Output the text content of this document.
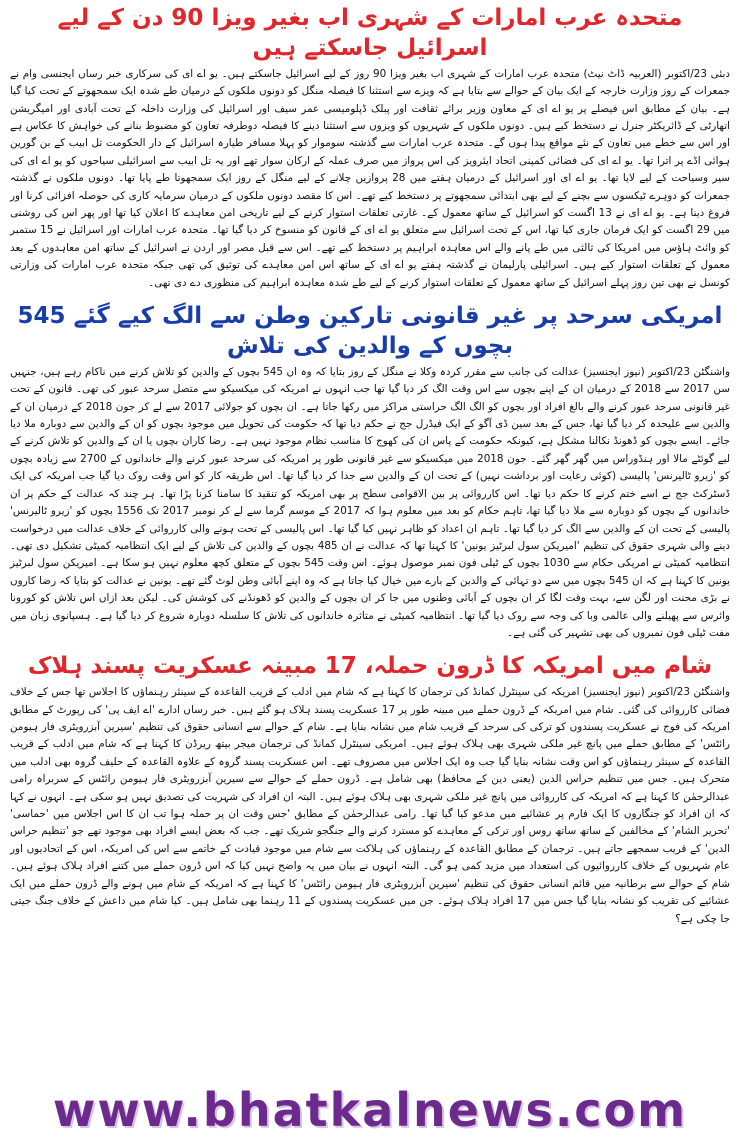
متحدہ عرب امارات کے شہری اب بغیر ویزا 90 دن کے لیے اسرائیل جاسکتے ہیں

دبئی 23/اکتوبر (العربیہ ڈاٹ نیٹ) متحدہ عرب امارات کے شہری اب بغیر ویزا 90 روز کے لیے اسرائیل جاسکتے ہیں۔ یو اے ای کی سرکاری خبر رساں ایجنسی وام نے جمعرات کے روز وزارت خارجہ کے ایک بیان کے حوالے سے بتایا ہے کہ ویزے سے استثنا کا فیصلہ منگل کو دونوں ملکوں کے درمیان طے شدہ ایک سمجھوتے کے تحت کیا گیا ہے۔ بیان کے مطابق اس فیصلے پر یو اے ای کے معاون وزیر برائے ثقافت اور پبلک ڈپلومیسی عمر سیف اور اسرائیل کی وزارت داخلہ کے تحت آبادی اور امیگریشن اتھارٹی کے ڈائریکٹر جنرل نے دستخط کیے ہیں۔ دونوں ملکوں کے شہریوں کو ویزوں سے استثنا دینے کا فیصلہ دوطرفہ تعاون کو مضبوط بنانے کی خواہش کا عکاس ہے اور اس سے خطے میں تعاون کے نئے مواقع پیدا ہوں گے۔ متحدہ عرب امارات سے گذشتہ سوموار کو پہلا مسافر طیارہ اسرائیل کے دار الحکومت تل ابیب کے بن گورین ہوائی اڈے پر اترا تھا۔ یو اے ای کی فضائی کمپنی اتحاد ایئرویز کی اس پرواز میں صرف عملہ کے ارکان سوار تھے اور یہ تل ابیب سے اسرائیلی سیاحوں کو یو اے ای کی سیر وسیاحت کے لیے لایا تھا۔ یو اے ای اور اسرائیل کے درمیان ہفتے میں 28 پروازیں چلانے کے لیے منگل کے روز ایک سمجھوتا طے پایا تھا۔ دونوں ملکوں نے گذشتہ جمعرات کو دوہرے ٹیکسوں سے بچنے کے لیے بھی ابتدائی سمجھوتے پر دستخط کیے تھے۔ اس کا مقصد دونوں ملکوں کے درمیان سرمایہ کاری کی حوصلہ افزائی کرنا اور فروغ دینا ہے۔ یو اے ای نے 13 اگست کو اسرائیل کے ساتھ معمول کے۔ غارتی تعلقات استوار کرنے کے لیے تاریخی امن معاہدے کا اعلان کیا تھا اور پھر اس کی روشنی میں 29 اگست کو ایک فرمان جاری کیا تھا، اس کے تحت اسرائیل سے متعلق یو اے ای کے قانون کو منسوخ کر دیا گیا تھا۔ متحدہ عرب امارات اور اسرائیل نے 15 ستمبر کو وائٹ ہاؤس میں امریکا کی ثالثی میں طے پانے والے اس معاہدہ ابراہیم پر دستخط کیے تھے۔ اس سے قبل مصر اور اردن نے اسرائیل کے ساتھ امن معاہدوں کے بعد معمول کے تعلقات استوار کیے ہیں۔ اسرائیلی پارلیمان نے گذشتہ ہفتے یو اے ای کے ساتھ اس امن معاہدے کی توثیق کی تھی جبکہ متحدہ عرب امارات کی وزارتی کونسل نے بھی تین روز پہلے اسرائیل کے ساتھ معمول کے تعلقات استوار کرنے کے لیے طے شدہ معاہدہ ابراہیم کی منظوری دے دی تھی۔

امریکی سرحد پر غیر قانونی تارکین وطن سے الگ کیے گئے 545 بچوں کے والدین کی تلاش

واشنگٹن 23/اکتوبر (نیوز ایجنسیز) عدالت کی جانب سے مقرر کردہ وکلا نے منگل کے روز بتایا کہ وہ ان 545 بچوں کے والدین کو تلاش کرنے میں ناکام رہے ہیں، جنہیں سن 2017 سے 2018 کے درمیان ان کے اپنے بچوں سے اس وقت الگ کر دیا گیا تھا جب انہوں نے امریکہ کی میکسیکو سے متصل سرحد عبور کی تھی۔ قانون کے تحت غیر قانونی سرحد عبور کرنے والے بالغ افراد اور بچوں کو الگ الگ حراستی مراکز میں رکھا جاتا ہے۔ ان بچوں کو جولائی 2017 سے لے کر جون 2018 کے درمیان ان کے والدین سے علیحدہ کر دیا گیا تھا، جس کے بعد سین ڈی آگو کے ایک فیڈرل جج نے حکم دیا تھا کہ حکومت کی تحویل میں موجود بچوں کو ان کے والدین سے دوبارہ ملا دیا جائے۔ ایسے بچوں کو ڈھونڈ نکالنا مشکل ہے، کیونکہ حکومت کے پاس ان کی کھوج کا مناسب نظام موجود نہیں ہے۔ رضا کاران بچوں یا ان کے والدین کو تلاش کرنے کے لیے گوئٹے مالا اور ہنڈوراس میں گھر گھر گئے۔ جون 2018 میں میکسیکو سے غیر قانونی طور پر امریکہ کی سرحد عبور کرنے والے خاندانوں کے 2700 سے زیادہ بچوں کو 'زیرو ٹالیرنس' پالیسی (کوئی رعایت اور برداشت نہیں) کے تحت ان کے والدین سے جدا کر دیا گیا تھا۔ اس طریقہ کار کو اس وقت روک دیا گیا جب امریکہ کی ایک ڈسٹرکٹ جج نے اسے ختم کرنے کا حکم دیا تھا۔ اس کارروائی پر بین الاقوامی سطح پر بھی امریکہ کو تنقید کا سامنا کرنا پڑا تھا۔ ہر چند کہ عدالت کے حکم پر ان خاندانوں کے بچوں کو دوبارہ سے ملا دیا گیا تھا، تاہم حکام کو بعد میں معلوم ہوا کہ 2017 کے موسم گرما سے لے کر نومبر 2017 تک 1556 بچوں کو 'زیرو ٹالیرنس' پالیسی کے تحت ان کے والدین سے الگ کر دیا گیا تھا۔ تاہم ان اعداد کو ظاہر نہیں کیا گیا تھا۔ اس پالیسی کے تحت ہونے والی کارروائی کے خلاف عدالت میں درخواست دینے والی شہری حقوق کی تنظیم 'امیریکن سول لبرٹیز یونین' کا کہنا تھا کہ عدالت نے ان 485 بچوں کے والدین کی تلاش کے لیے ایک انتظامیہ کمیٹی تشکیل دی تھی۔ انتظامیہ کمیٹی نے امریکی حکام سے 1030 بچوں کے ٹیلی فون نمبر موصول ہوئے۔ اس وقت 545 بچوں کے متعلق کچھ معلوم نہیں ہو سکا ہے۔ امیریکن سول لبرٹیز یونین کا کہنا ہے کہ ان 545 بچوں میں سے دو تہائی کے والدین کے بارے میں خیال کیا جاتا ہے کہ وہ اپنے آبائی وطن لوٹ گئے تھے۔ یونین نے عدالت کو بتایا کہ رضا کاروں نے بڑی محنت اور لگن سے، بہت وقت لگا کر ان بچوں کے آبائی وطنوں میں جا کر ان بچوں کے والدین کو ڈھونڈنے کی کوشش کی۔ لیکن بعد ازاں اس تلاش کو کورونا وائرس سے پھیلنے والی عالمی وبا کی وجہ سے روک دیا گیا تھا۔ انتظامیہ کمیٹی نے متاثرہ خاندانوں کی تلاش کا سلسلہ دوبارہ شروع کر دیا گیا ہے۔ ہسپانوی زبان میں مفت ٹیلی فون نمبروں کی بھی تشہیر کی گئی ہے۔

شام میں امریکہ کا ڈرون حملہ، 17 مبینہ عسکریت پسند ہلاک

واشنگٹن 23/اکتوبر (نیوز ایجنسیز) امریکہ کی سینٹرل کمانڈ کی ترجمان کا کہنا ہے کہ شام میں ادلب کے قریب القاعدہ کے سینئر رہنماؤں کا اجلاس تھا جس کے خلاف فضائی کارروائی کی گئی۔ شام میں امریکہ کے ڈرون حملے میں مبینہ طور پر 17 عسکریت پسند ہلاک ہو گئے ہیں۔ خبر رساں ادارے 'اے ایف پی' کی رپورٹ کے مطابق امریکہ کی فوج نے عسکریت پسندوں کو ترکی کی سرحد کے قریب شام میں نشانہ بنایا ہے۔ شام کے حوالے سے انسانی حقوق کی تنظیم 'سیرین آبزرویٹری فار ہیومن رائٹس' کے مطابق حملے میں پانچ غیر ملکی شہری بھی ہلاک ہوئے ہیں۔ امریکی سینٹرل کمانڈ کی ترجمان میجر بیتھ ریرڈن کا کہنا ہے کہ شام میں ادلب کے قریب القاعدہ کے سینئر رہنماؤں کو اس وقت نشانہ بنایا گیا جب وہ ایک اجلاس میں مصروف تھے۔ اس عسکریت پسند گروہ کے علاوہ القاعدہ کے حلیف گروہ بھی ادلب میں متحرک ہیں۔ جس میں تنظیم حراس الدین (یعنی دین کے محافظ) بھی شامل ہے۔ ڈرون حملے کے حوالے سے سیرین آبزرویٹری فار ہیومن رائٹس کے سربراہ رامی عبدالرحمٰن کا کہنا ہے کہ امریکہ کی کارروائی میں پانچ غیر ملکی شہری بھی ہلاک ہوئے ہیں۔ البتہ ان افراد کی شہریت کی تصدیق نہیں ہو سکی ہے۔ انہوں نے کہا کہ ان افراد کو جنگاروں کا ایک فارم پر عشائیے میں مدعو کیا گیا تھا۔ رامی عبدالرحمٰن کے مطابق 'جس وقت ان پر حملہ ہوا تب ان کا اس اجلاس میں 'حماسی' 'تحریر الشام' کے مخالفین کے ساتھ ساتھ روس اور ترکی کے معاہدے کو مسترد کرنے والے جنگجو شریک تھے۔ جب کہ بعض ایسے افراد بھی موجود تھے جو 'تنظیم حراس الدین' کے قریب سمجھے جاتے ہیں۔ ترجمان کے مطابق القاعدہ کے رہنماؤں کی ہلاکت سے شام میں موجود قیادت کے خاتمے سے اس کی امریکہ، اس کے اتحادیوں اور عام شہریوں کے خلاف کارروائیوں کی استعداد میں مزید کمی ہو گی۔ البتہ انہوں نے بیان میں یہ واضح نہیں کیا کہ اس ڈرون حملے میں کتنے افراد ہلاک ہوئے ہیں۔ شام کے حوالے سے برطانیہ میں قائم انسانی حقوق کی تنظیم 'سیرین آبزرویٹری فار ہیومن رائٹس' کا کہنا ہے کہ امریکہ کے شام میں ہونے والے ڈرون حملے میں ایک عشائیے کی تقریب کو نشانہ بنایا گیا جس میں 17 افراد ہلاک ہوئے۔ جن میں عسکریت پسندوں کے 11 رہنما بھی شامل ہیں۔ کیا شام میں داعش کے خلاف جنگ جیتی جا چکی ہے؟

www.bhatkalnews.com
